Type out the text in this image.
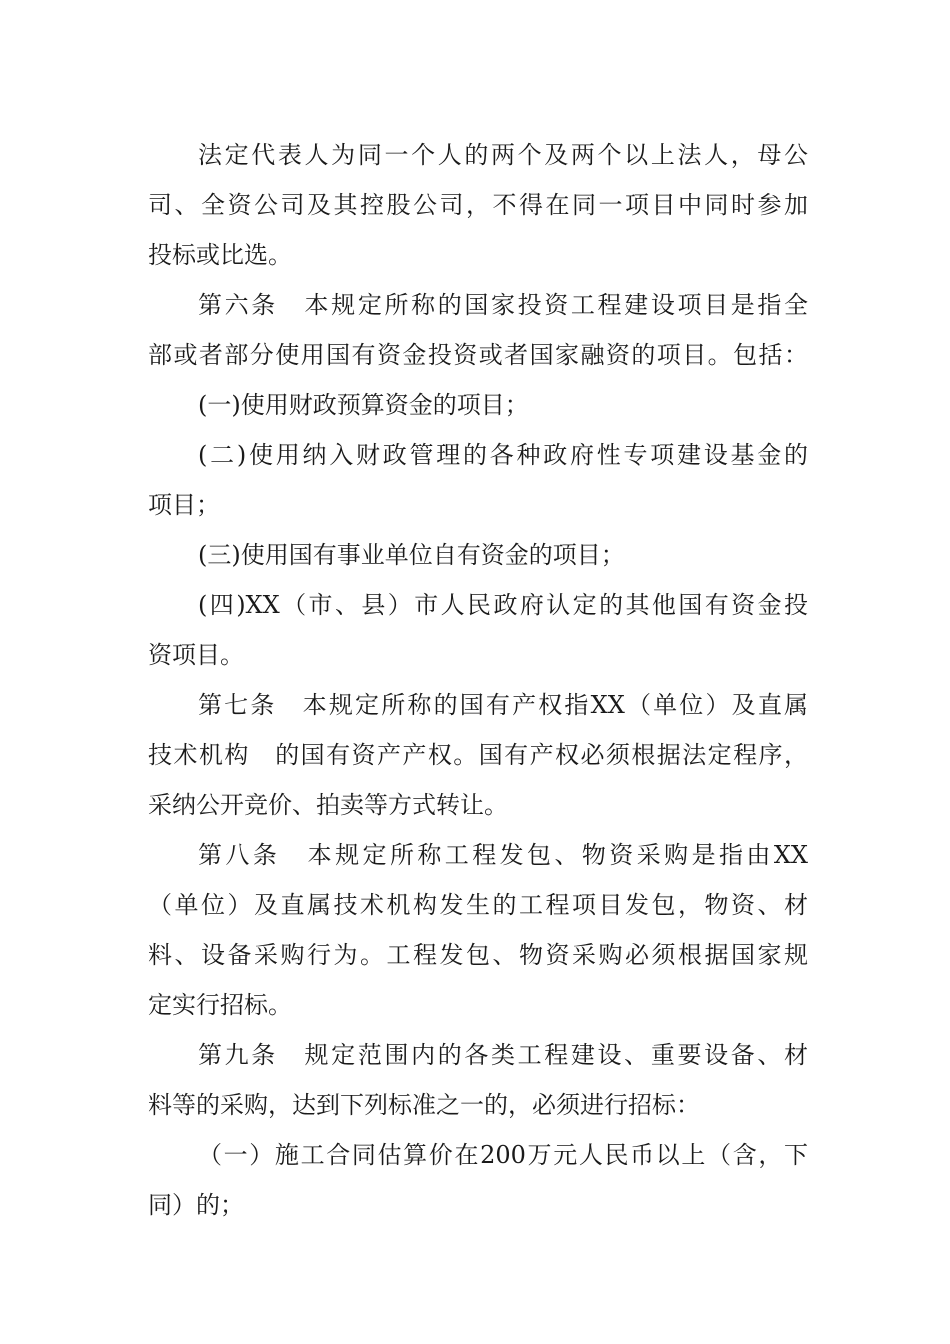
法定代表人为同一个人的两个及两个以上法人，母公
司、全资公司及其控股公司，不得在同一项目中同时参加
投标或比选。
第六条　本规定所称的国家投资工程建设项目是指全
部或者部分使用国有资金投资或者国家融资的项目。包括：
(一)使用财政预算资金的项目；
(二)使用纳入财政管理的各种政府性专项建设基金的
项目；
(三)使用国有事业单位自有资金的项目；
(四)XX（市、县）市人民政府认定的其他国有资金投
资项目。
第七条　本规定所称的国有产权指XX（单位）及直属
技术机构　的国有资产产权。国有产权必须根据法定程序，
采纳公开竞价、拍卖等方式转让。
第八条　本规定所称工程发包、物资采购是指由XX
（单位）及直属技术机构发生的工程项目发包，物资、材
料、设备采购行为。工程发包、物资采购必须根据国家规
定实行招标。
第九条　规定范围内的各类工程建设、重要设备、材
料等的采购，达到下列标准之一的，必须进行招标：
（一）施工合同估算价在200万元人民币以上（含，下
同）的；
